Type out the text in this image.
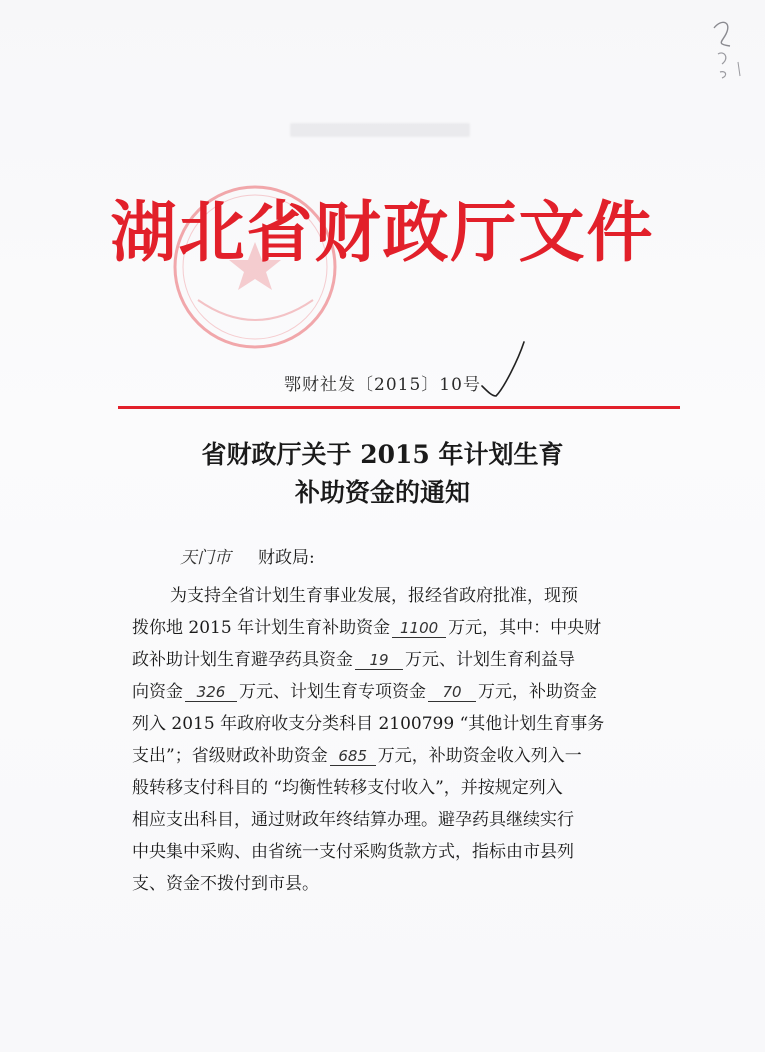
湖北省财政厅文件
鄂财社发〔2015〕10号
省财政厅关于 2015 年计划生育
补助资金的通知
天门市 财政局:
为支持全省计划生育事业发展，报经省政府批准，现预
拨你地 2015 年计划生育补助资金 1100 万元，其中：中央财
政补助计划生育避孕药具资金 19 万元、计划生育利益导
向资金 326 万元、计划生育专项资金 70 万元，补助资金
列入 2015 年政府收支分类科目 2100799 “其他计划生育事务
支出”；省级财政补助资金 685 万元，补助资金收入列入一
般转移支付科目的 “均衡性转移支付收入”，并按规定列入
相应支出科目，通过财政年终结算办理。避孕药具继续实行
中央集中采购、由省统一支付采购货款方式，指标由市县列
支、资金不拨付到市县。
